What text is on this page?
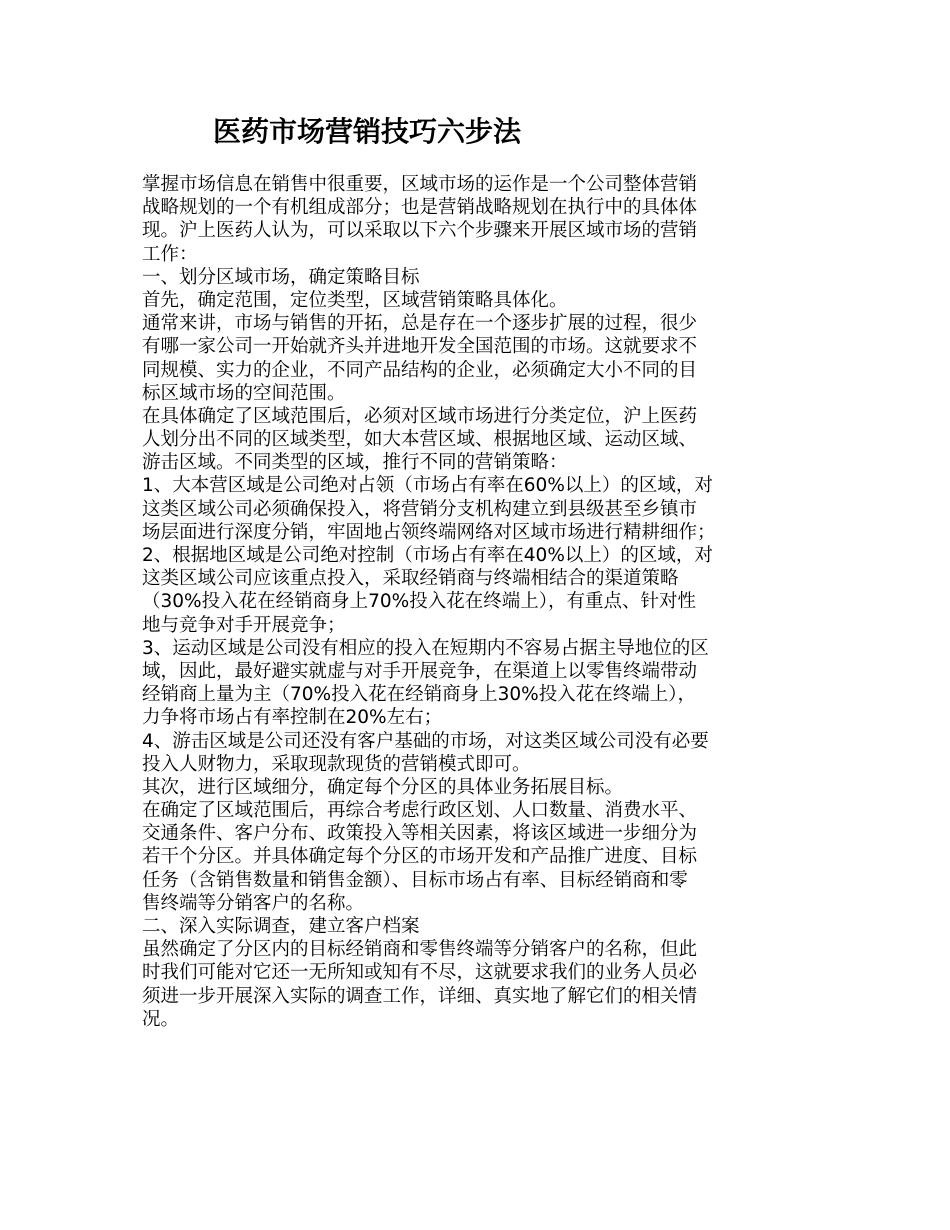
医药市场营销技巧六步法
掌握市场信息在销售中很重要，区域市场的运作是一个公司整体营销
战略规划的一个有机组成部分；也是营销战略规划在执行中的具体体
现。沪上医药人认为，可以采取以下六个步骤来开展区域市场的营销
工作：
一、划分区域市场，确定策略目标
首先，确定范围，定位类型，区域营销策略具体化。
通常来讲，市场与销售的开拓，总是存在一个逐步扩展的过程，很少
有哪一家公司一开始就齐头并进地开发全国范围的市场。这就要求不
同规模、实力的企业，不同产品结构的企业，必须确定大小不同的目
标区域市场的空间范围。
在具体确定了区域范围后，必须对区域市场进行分类定位，沪上医药
人划分出不同的区域类型，如大本营区域、根据地区域、运动区域、
游击区域。不同类型的区域，推行不同的营销策略：
1、大本营区域是公司绝对占领（市场占有率在60%以上）的区域，对
这类区域公司必须确保投入，将营销分支机构建立到县级甚至乡镇市
场层面进行深度分销，牢固地占领终端网络对区域市场进行精耕细作；
2、根据地区域是公司绝对控制（市场占有率在40%以上）的区域，对
这类区域公司应该重点投入，采取经销商与终端相结合的渠道策略
（30%投入花在经销商身上70%投入花在终端上），有重点、针对性
地与竞争对手开展竞争；
3、运动区域是公司没有相应的投入在短期内不容易占据主导地位的区
域，因此，最好避实就虚与对手开展竞争，在渠道上以零售终端带动
经销商上量为主（70%投入花在经销商身上30%投入花在终端上），
力争将市场占有率控制在20%左右；
4、游击区域是公司还没有客户基础的市场，对这类区域公司没有必要
投入人财物力，采取现款现货的营销模式即可。
其次，进行区域细分，确定每个分区的具体业务拓展目标。
在确定了区域范围后，再综合考虑行政区划、人口数量、消费水平、
交通条件、客户分布、政策投入等相关因素，将该区域进一步细分为
若干个分区。并具体确定每个分区的市场开发和产品推广进度、目标
任务（含销售数量和销售金额）、目标市场占有率、目标经销商和零
售终端等分销客户的名称。
二、深入实际调查，建立客户档案
虽然确定了分区内的目标经销商和零售终端等分销客户的名称，但此
时我们可能对它还一无所知或知有不尽，这就要求我们的业务人员必
须进一步开展深入实际的调查工作，详细、真实地了解它们的相关情
况。
